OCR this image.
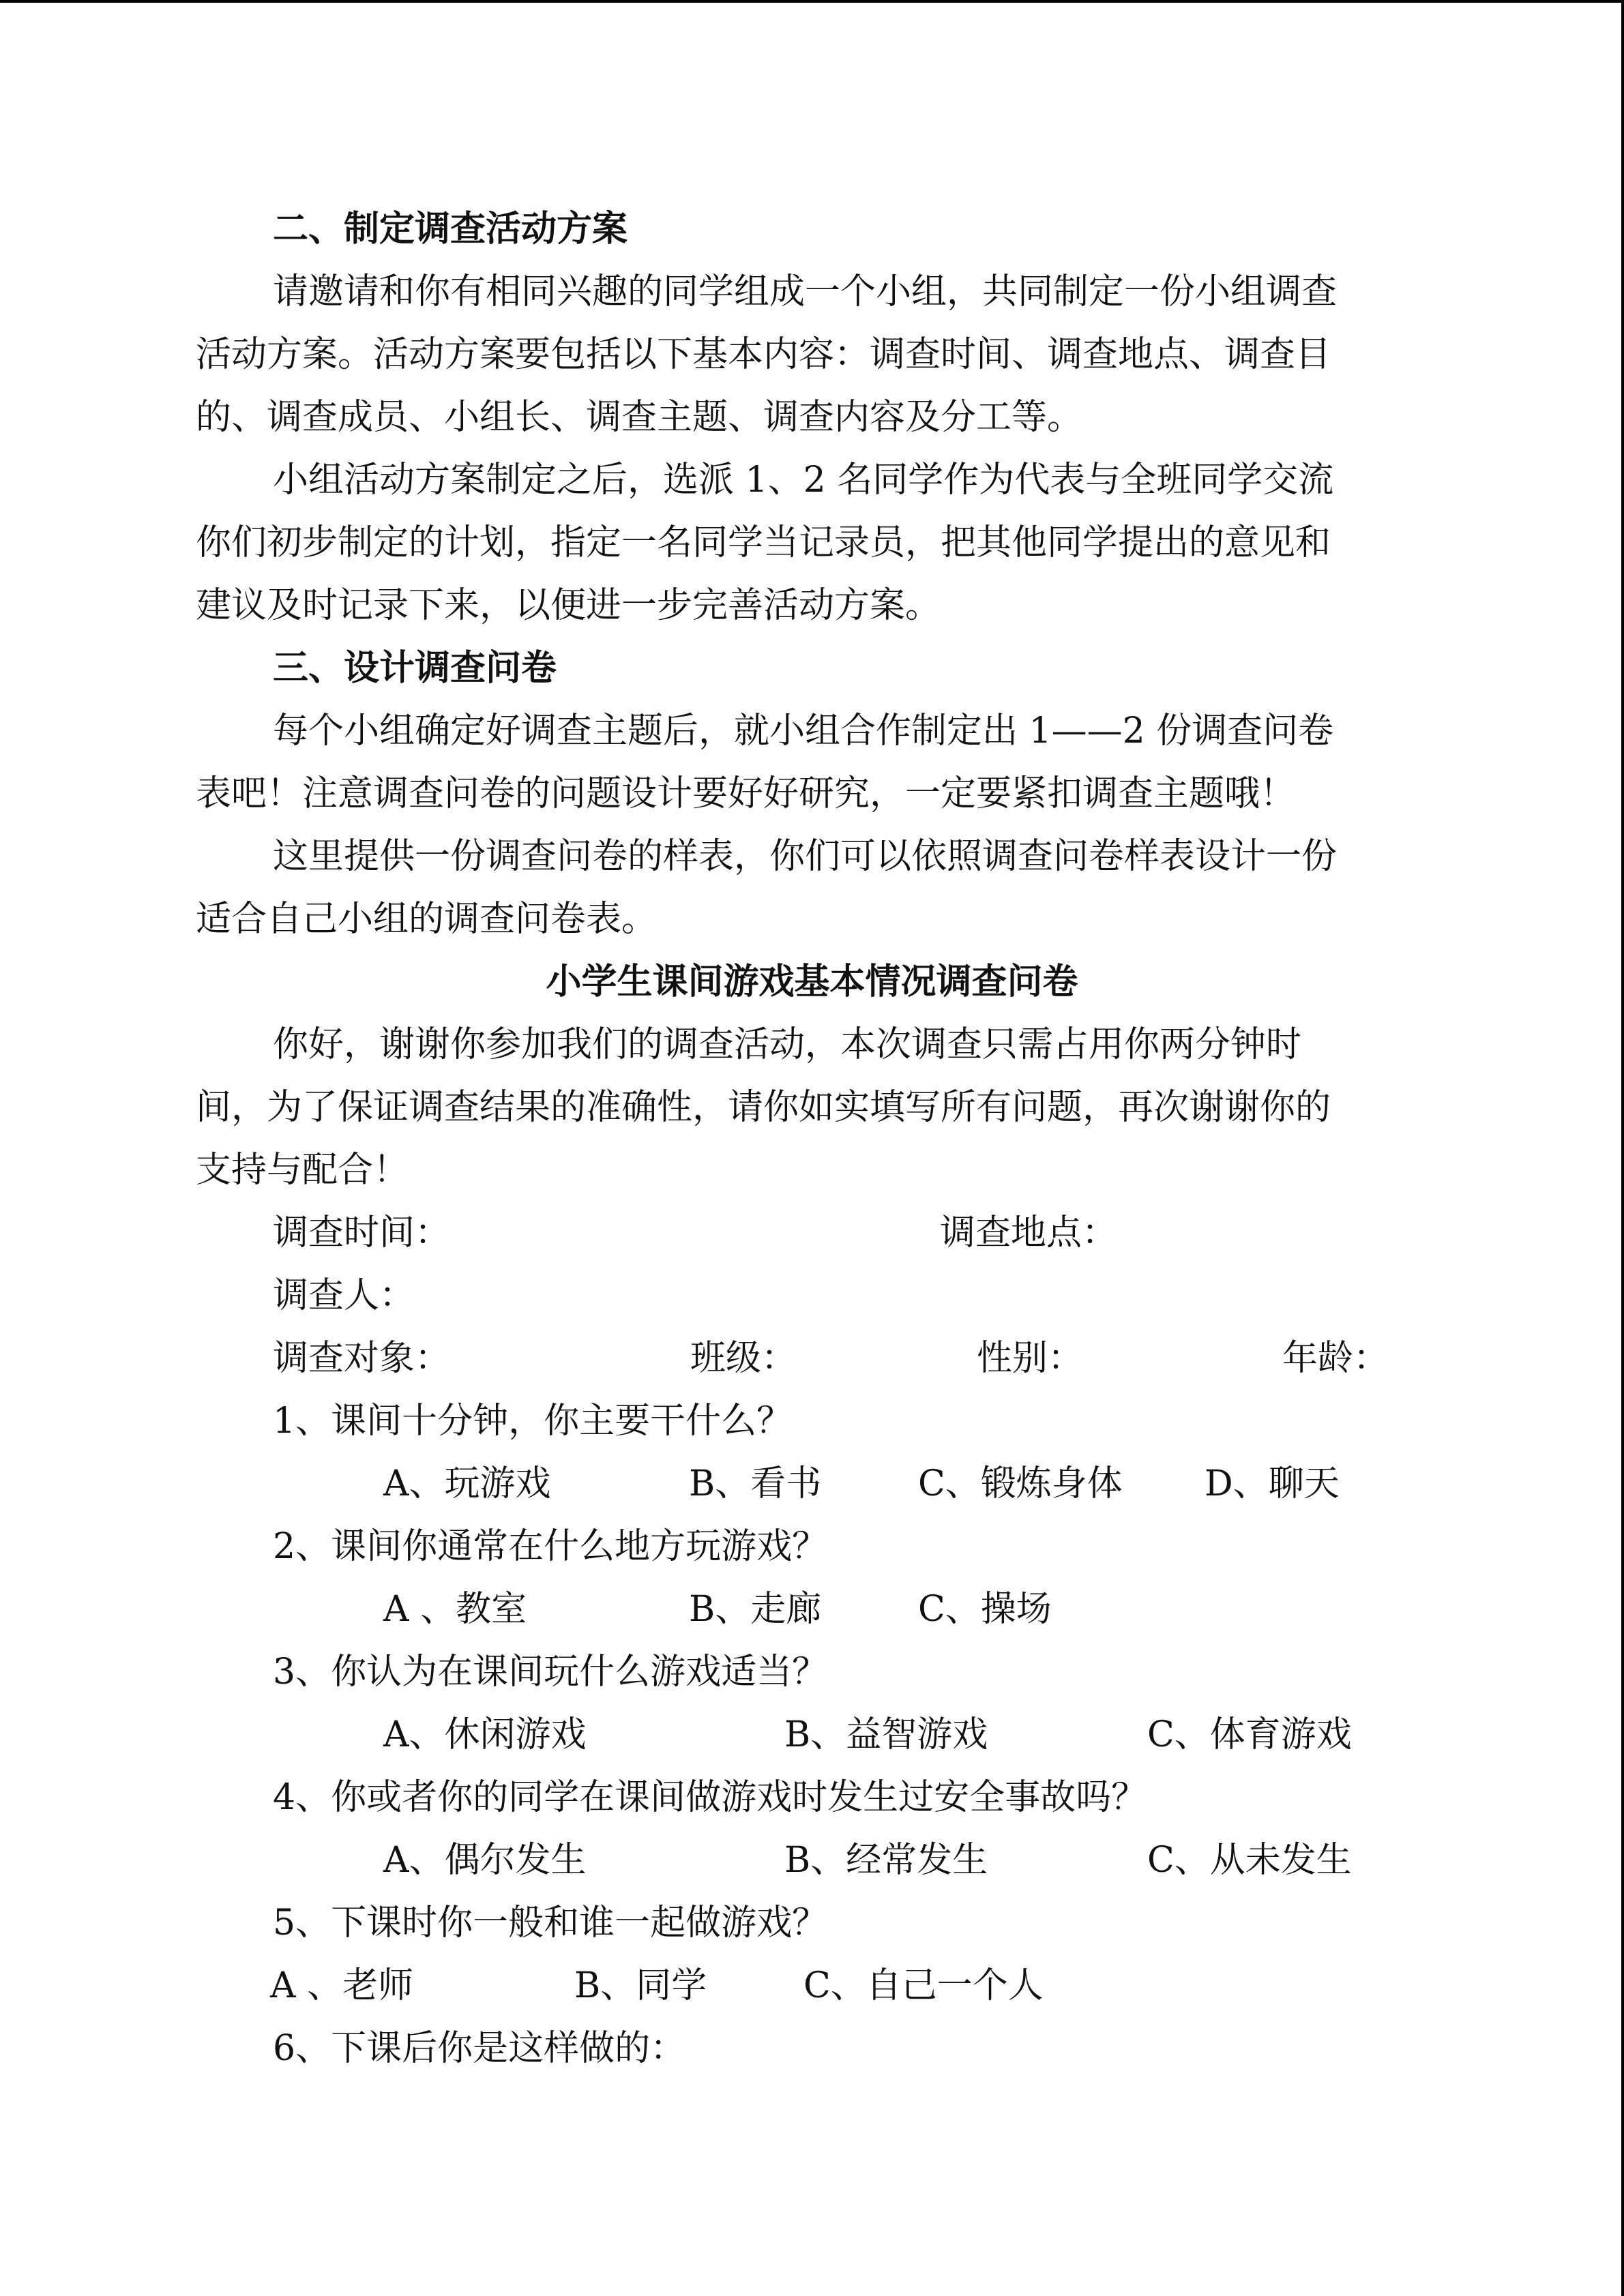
二、制定调查活动方案
请邀请和你有相同兴趣的同学组成一个小组，共同制定一份小组调查
活动方案。活动方案要包括以下基本内容：调查时间、调查地点、调查目
的、调查成员、小组长、调查主题、调查内容及分工等。
小组活动方案制定之后，选派 1、2 名同学作为代表与全班同学交流
你们初步制定的计划，指定一名同学当记录员，把其他同学提出的意见和
建议及时记录下来，以便进一步完善活动方案。
三、设计调查问卷
每个小组确定好调查主题后，就小组合作制定出 1——2 份调查问卷
表吧！注意调查问卷的问题设计要好好研究，一定要紧扣调查主题哦！
这里提供一份调查问卷的样表，你们可以依照调查问卷样表设计一份
适合自己小组的调查问卷表。
小学生课间游戏基本情况调查问卷
你好，谢谢你参加我们的调查活动，本次调查只需占用你两分钟时
间，为了保证调查结果的准确性，请你如实填写所有问题，再次谢谢你的
支持与配合！
调查时间：	调查地点：
调查人：
调查对象：	班级：	性别：	年龄：
1、课间十分钟，你主要干什么？
A、玩游戏	B、看书	C、锻炼身体 D、聊天
2、课间你通常在什么地方玩游戏？
A 、教室	B、走廊	C、操场
3、你认为在课间玩什么游戏适当？
A、休闲游戏	B、益智游戏	C、体育游戏
4、你或者你的同学在课间做游戏时发生过安全事故吗？
A、偶尔发生	B、经常发生	C、从未发生
5、下课时你一般和谁一起做游戏？
A 、老师	B、同学	C、自己一个人
6、下课后你是这样做的：
